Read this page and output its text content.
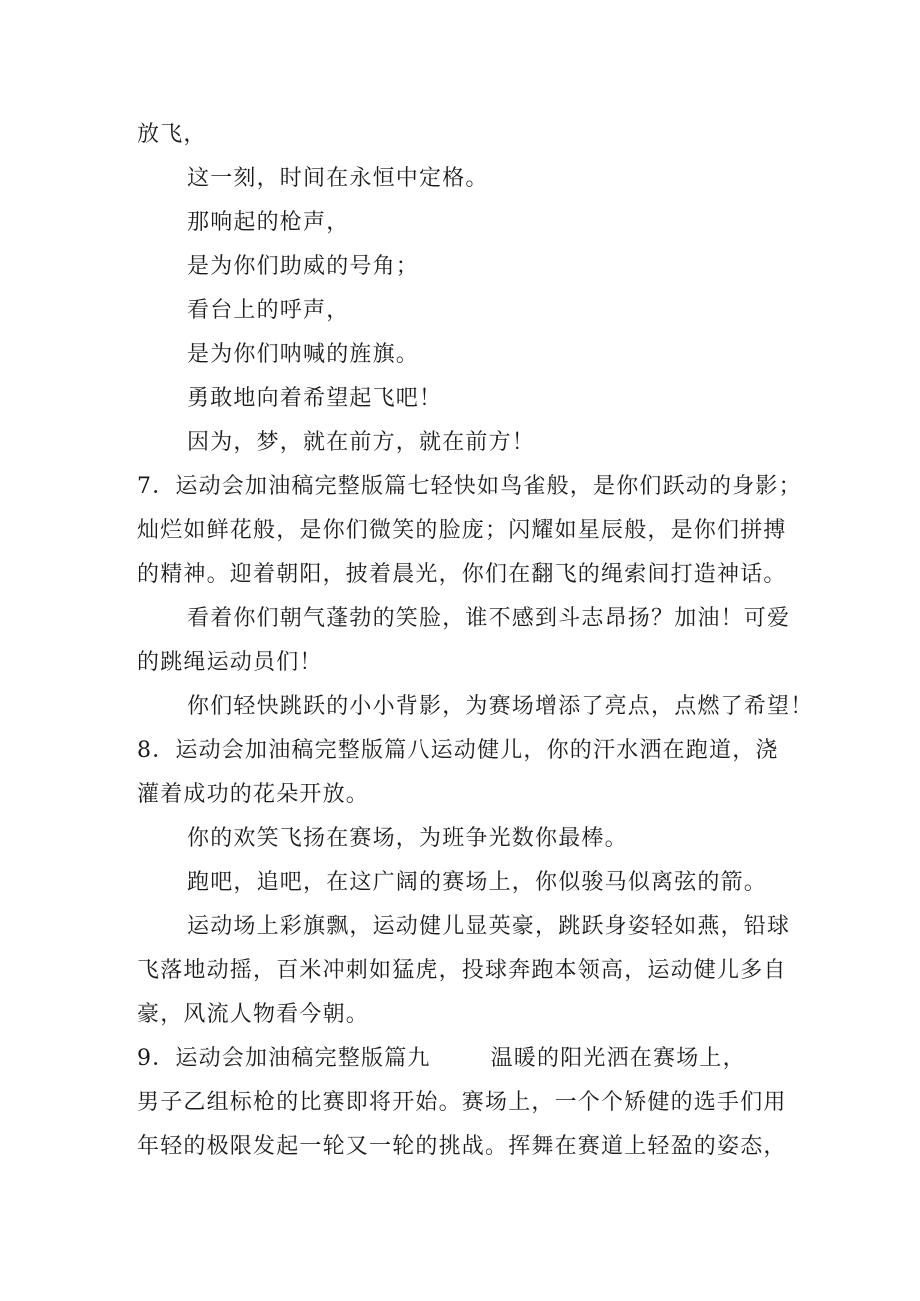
放飞，
这一刻，时间在永恒中定格。
那响起的枪声，
是为你们助威的号角；
看台上的呼声，
是为你们呐喊的旌旗。
勇敢地向着希望起飞吧！
因为，梦，就在前方，就在前方！
7．运动会加油稿完整版篇七轻快如鸟雀般，是你们跃动的身影；
灿烂如鲜花般，是你们微笑的脸庞；闪耀如星辰般，是你们拼搏
的精神。迎着朝阳，披着晨光，你们在翻飞的绳索间打造神话。
看着你们朝气蓬勃的笑脸，谁不感到斗志昂扬？加油！可爱
的跳绳运动员们！
你们轻快跳跃的小小背影，为赛场增添了亮点，点燃了希望！
8．运动会加油稿完整版篇八运动健儿，你的汗水洒在跑道，浇
灌着成功的花朵开放。
你的欢笑飞扬在赛场，为班争光数你最棒。
跑吧，追吧，在这广阔的赛场上，你似骏马似离弦的箭。
运动场上彩旗飘，运动健儿显英豪，跳跃身姿轻如燕，铅球
飞落地动摇，百米冲刺如猛虎，投球奔跑本领高，运动健儿多自
豪，风流人物看今朝。
9．运动会加油稿完整版篇九	温暖的阳光洒在赛场上，
男子乙组标枪的比赛即将开始。赛场上，一个个矫健的选手们用
年轻的极限发起一轮又一轮的挑战。挥舞在赛道上轻盈的姿态，
